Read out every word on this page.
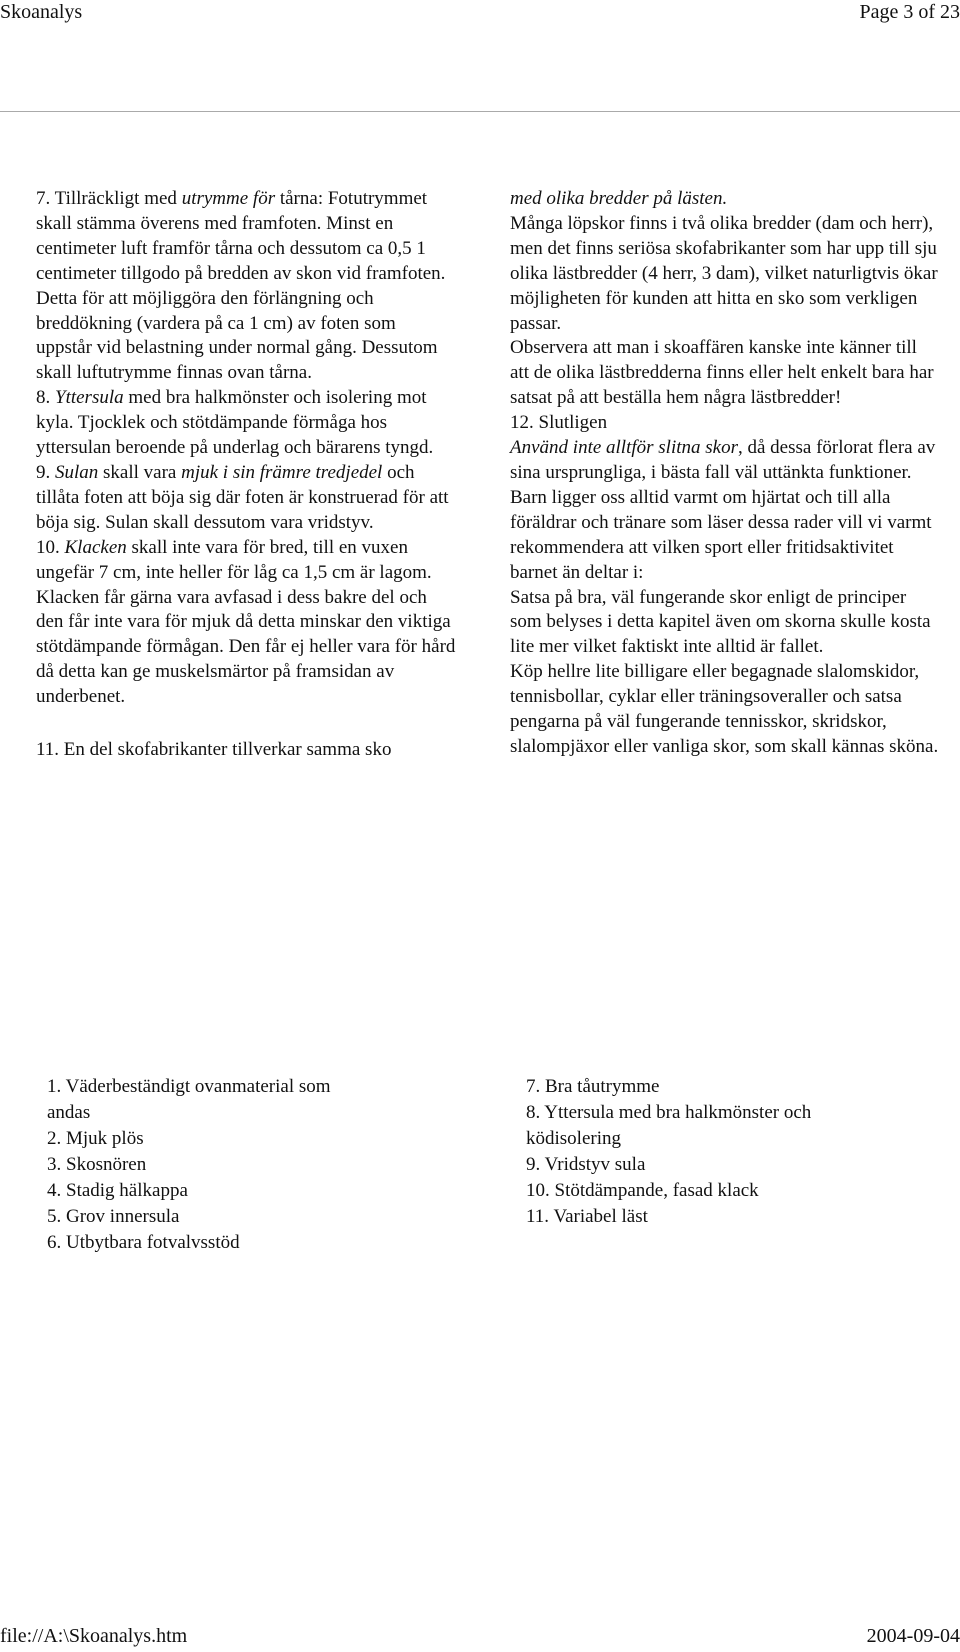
Skoanalys	Page 3 of 23

7. Tillräckligt med utrymme för tårna: Fotutrymmet skall stämma överens med framfoten. Minst en centimeter luft framför tårna och dessutom ca 0,5 1 centimeter tillgodo på bredden av skon vid framfoten. Detta för att möjliggöra den förlängning och breddökning (vardera på ca 1 cm) av foten som uppstår vid belastning under normal gång. Dessutom skall luftutrymme finnas ovan tårna.

8. Yttersula med bra halkmönster och isolering mot kyla. Tjocklek och stötdämpande förmåga hos yttersulan beroende på underlag och bärarens tyngd.

9. Sulan skall vara mjuk i sin främre tredjedel och tillåta foten att böja sig där foten är konstruerad för att böja sig. Sulan skall dessutom vara vridstyv.

10. Klacken skall inte vara för bred, till en vuxen ungefär 7 cm, inte heller för låg ca 1,5 cm är lagom. Klacken får gärna vara avfasad i dess bakre del och den får inte vara för mjuk då detta minskar den viktiga stötdämpande förmågan. Den får ej heller vara för hård då detta kan ge muskelsmärtor på framsidan av underbenet.

11. En del skofabrikanter tillverkar samma sko

med olika bredder på lästen.

Många löpskor finns i två olika bredder (dam och herr), men det finns seriösa skofabrikanter som har upp till sju olika lästbredder (4 herr, 3 dam), vilket naturligtvis ökar möjligheten för kunden att hitta en sko som verkligen passar.

Observera att man i skoaffären kanske inte känner till att de olika lästbredderna finns eller helt enkelt bara har satsat på att beställa hem några lästbredder!

12. Slutligen

Använd inte alltför slitna skor, då dessa förlorat flera av sina ursprungliga, i bästa fall väl uttänkta funktioner.

Barn ligger oss alltid varmt om hjärtat och till alla föräldrar och tränare som läser dessa rader vill vi varmt rekommendera att vilken sport eller fritidsaktivitet barnet än deltar i:

Satsa på bra, väl fungerande skor enligt de principer som belyses i detta kapitel även om skorna skulle kosta lite mer vilket faktiskt inte alltid är fallet.

Köp hellre lite billigare eller begagnade slalomskidor, tennisbollar, cyklar eller träningsoveraller och satsa pengarna på väl fungerande tennisskor, skridskor, slalompjäxor eller vanliga skor, som skall kännas sköna.

1. Väderbeständigt ovanmaterial som andas

2. Mjuk plös

3. Skosnören

4. Stadig hälkappa

5. Grov innersula

6. Utbytbara fotvalvsstöd

7. Bra tåutrymme

8. Yttersula med bra halkmönster och ködisolering

9. Vridstyv sula

10. Stötdämpande, fasad klack

11. Variabel läst

file://A:\Skoanalys.htm	2004-09-04
